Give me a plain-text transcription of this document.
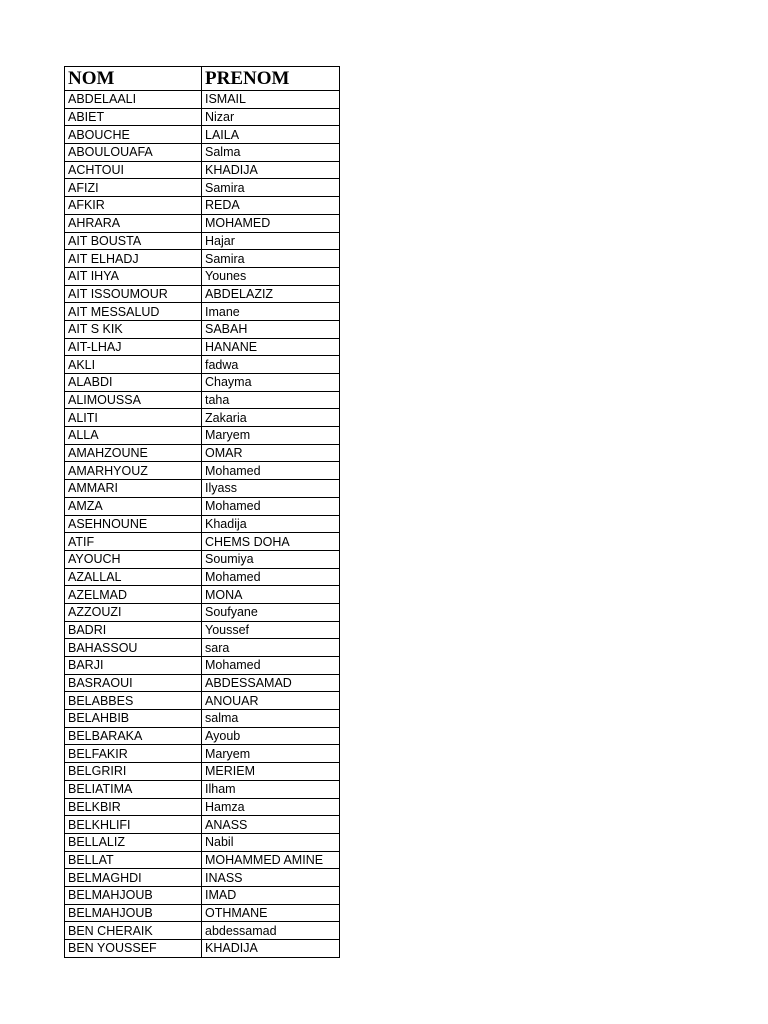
NOM	PRENOM
ABDELAALI	ISMAIL
ABIET	Nizar
ABOUCHE	LAILA
ABOULOUAFA	Salma
ACHTOUI	KHADIJA
AFIZI	Samira
AFKIR	REDA
AHRARA	MOHAMED
AIT BOUSTA	Hajar
AIT ELHADJ	Samira
AIT IHYA	Younes
AIT ISSOUMOUR	ABDELAZIZ
AIT MESSALUD	Imane
AIT S KIK	SABAH
AIT-LHAJ	HANANE
AKLI	fadwa
ALABDI	Chayma
ALIMOUSSA	taha
ALITI	Zakaria
ALLA	Maryem
AMAHZOUNE	OMAR
AMARHYOUZ	Mohamed
AMMARI	Ilyass
AMZA	Mohamed
ASEHNOUNE	Khadija
ATIF	CHEMS DOHA
AYOUCH	Soumiya
AZALLAL	Mohamed
AZELMAD	MONA
AZZOUZI	Soufyane
BADRI	Youssef
BAHASSOU	sara
BARJI	Mohamed
BASRAOUI	ABDESSAMAD
BELABBES	ANOUAR
BELAHBIB	salma
BELBARAKA	Ayoub
BELFAKIR	Maryem
BELGRIRI	MERIEM
BELIATIMA	Ilham
BELKBIR	Hamza
BELKHLIFI	ANASS
BELLALIZ	Nabil
BELLAT	MOHAMMED AMINE
BELMAGHDI	INASS
BELMAHJOUB	IMAD
BELMAHJOUB	OTHMANE
BEN CHERAIK	abdessamad
BEN YOUSSEF	KHADIJA
